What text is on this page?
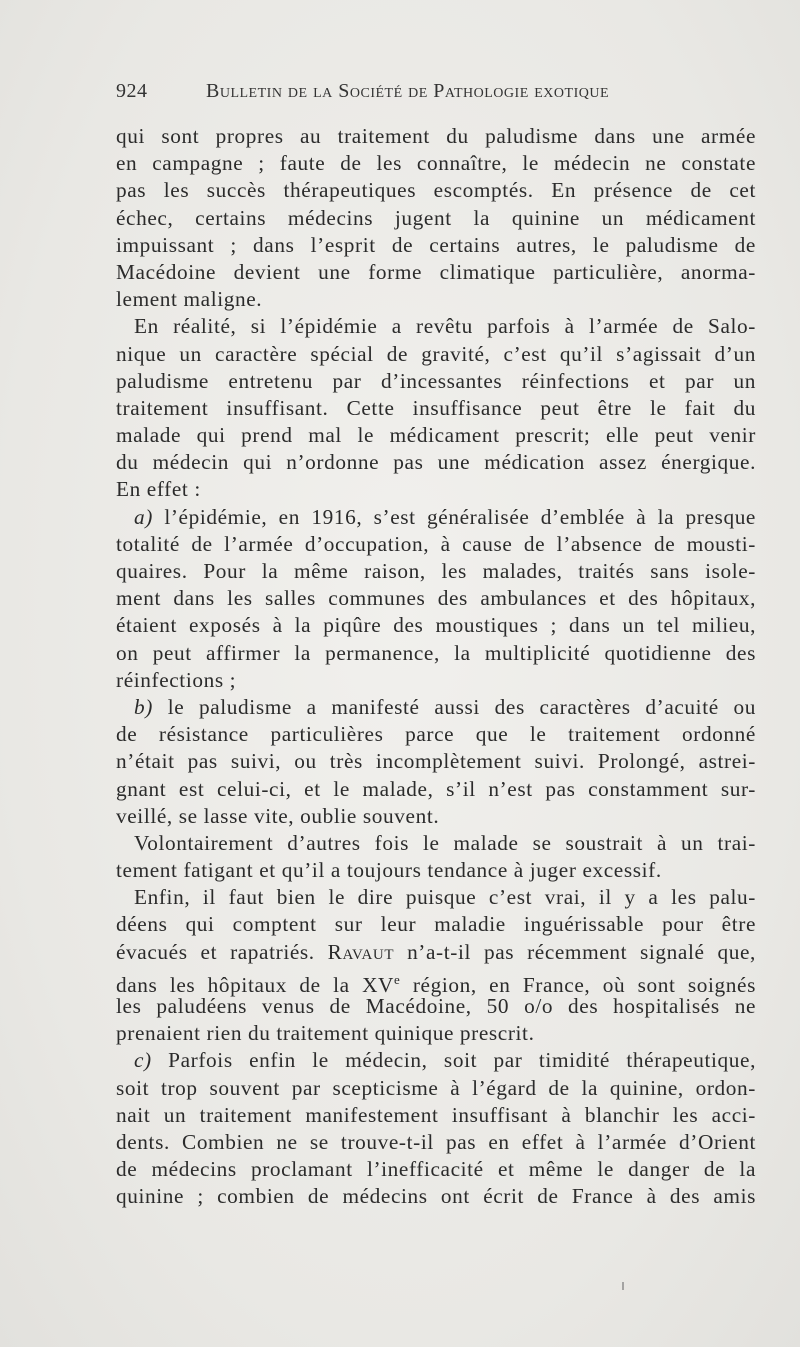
924	Bulletin de la Société de Pathologie exotique
qui sont propres au traitement du paludisme dans une armée
en campagne ; faute de les connaître, le médecin ne constate
pas les succès thérapeutiques escomptés. En présence de cet
échec, certains médecins jugent la quinine un médicament
impuissant ; dans l’esprit de certains autres, le paludisme de
Macédoine devient une forme climatique particulière, anorma-
lement maligne.
En réalité, si l’épidémie a revêtu parfois à l’armée de Salo-
nique un caractère spécial de gravité, c’est qu’il s’agissait d’un
paludisme entretenu par d’incessantes réinfections et par un
traitement insuffisant. Cette insuffisance peut être le fait du
malade qui prend mal le médicament prescrit; elle peut venir
du médecin qui n’ordonne pas une médication assez énergique.
En effet :
a) l’épidémie, en 1916, s’est généralisée d’emblée à la presque
totalité de l’armée d’occupation, à cause de l’absence de mousti-
quaires. Pour la même raison, les malades, traités sans isole-
ment dans les salles communes des ambulances et des hôpitaux,
étaient exposés à la piqûre des moustiques ; dans un tel milieu,
on peut affirmer la permanence, la multiplicité quotidienne des
réinfections ;
b) le paludisme a manifesté aussi des caractères d’acuité ou
de résistance particulières parce que le traitement ordonné
n’était pas suivi, ou très incomplètement suivi. Prolongé, astrei-
gnant est celui-ci, et le malade, s’il n’est pas constamment sur-
veillé, se lasse vite, oublie souvent.
Volontairement d’autres fois le malade se soustrait à un trai-
tement fatigant et qu’il a toujours tendance à juger excessif.
Enfin, il faut bien le dire puisque c’est vrai, il y a les palu-
déens qui comptent sur leur maladie inguérissable pour être
évacués et rapatriés. Ravaut n’a-t-il pas récemment signalé que,
dans les hôpitaux de la XVe région, en France, où sont soignés
les paludéens venus de Macédoine, 50 o/o des hospitalisés ne
prenaient rien du traitement quinique prescrit.
c) Parfois enfin le médecin, soit par timidité thérapeutique,
soit trop souvent par scepticisme à l’égard de la quinine, ordon-
nait un traitement manifestement insuffisant à blanchir les acci-
dents. Combien ne se trouve-t-il pas en effet à l’armée d’Orient
de médecins proclamant l’inefficacité et même le danger de la
quinine ; combien de médecins ont écrit de France à des amis
